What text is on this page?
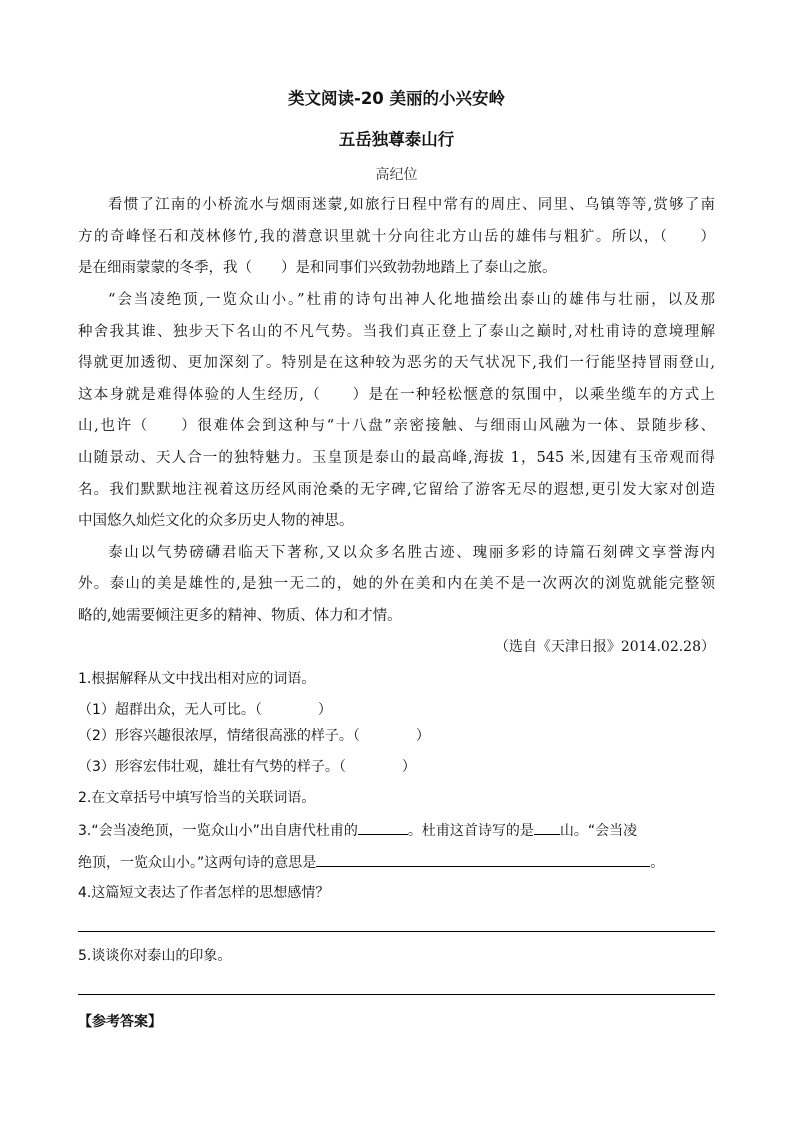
类文阅读-20 美丽的小兴安岭
五岳独尊泰山行
高纪位
看惯了江南的小桥流水与烟雨迷蒙,如旅行日程中常有的周庄、同里、乌镇等等,赏够了南
方的奇峰怪石和茂林修竹,我的潜意识里就十分向往北方山岳的雄伟与粗犷。所以，（　　）
是在细雨蒙蒙的冬季，我（　　）是和同事们兴致勃勃地踏上了泰山之旅。
“会当凌绝顶,一览众山小。”杜甫的诗句出神人化地描绘出泰山的雄伟与壮丽，以及那
种舍我其谁、独步天下名山的不凡气势。当我们真正登上了泰山之巅时,对杜甫诗的意境理解
得就更加透彻、更加深刻了。特别是在这种较为恶劣的天气状况下,我们一行能坚持冒雨登山,
这本身就是难得体验的人生经历,（　　）是在一种轻松惬意的氛围中，以乘坐缆车的方式上
山,也许（　　）很难体会到这种与“十八盘”亲密接触、与细雨山风融为一体、景随步移、
山随景动、天人合一的独特魅力。玉皇顶是泰山的最高峰,海拔 1，545 米,因建有玉帝观而得
名。我们默默地注视着这历经风雨沧桑的无字碑,它留给了游客无尽的遐想,更引发大家对创造
中国悠久灿烂文化的众多历史人物的神思。
泰山以气势磅礴君临天下著称,又以众多名胜古迹、瑰丽多彩的诗篇石刻碑文享誉海内
外。泰山的美是雄性的,是独一无二的，她的外在美和内在美不是一次两次的浏览就能完整领
略的,她需要倾注更多的精神、物质、体力和才情。
（选自《天津日报》2014.02.28）
1.根据解释从文中找出相对应的词语。
（1）超群出众，无人可比。（　　　　）
（2）形容兴趣很浓厚，情绪很高涨的样子。（　　　　）
（3）形容宏伟壮观，雄壮有气势的样子。（　　　　）
2.在文章括号中填写恰当的关联词语。
3.“会当凌绝顶，一览众山小”出自唐代杜甫的	。杜甫这首诗写的是 山。“会当凌
绝顶，一览众山小。”这两句诗的意思是	。
4.这篇短文表达了作者怎样的思想感情？
5.谈谈你对泰山的印象。
【参考答案】
